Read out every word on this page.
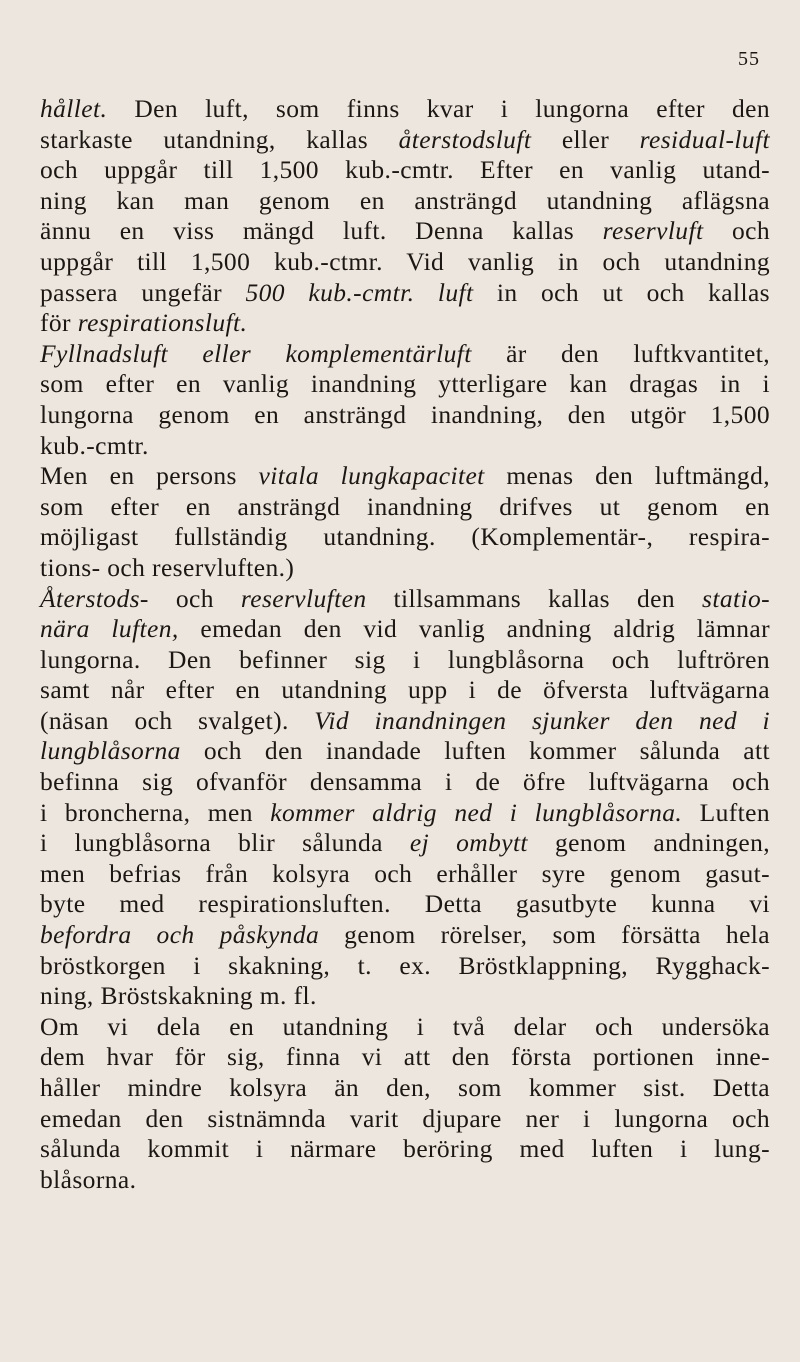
55
hållet. Den luft, som finns kvar i lungorna efter den
starkaste utandning, kallas återstodsluft eller residual-luft
och uppgår till 1,500 kub.-cmtr. Efter en vanlig utand-
ning kan man genom en ansträngd utandning aflägsna
ännu en viss mängd luft. Denna kallas reservluft och
uppgår till 1,500 kub.-ctmr. Vid vanlig in och utandning
passera ungefär 500 kub.-cmtr. luft in och ut och kallas
för respirationsluft.
Fyllnadsluft eller komplementärluft är den luftkvantitet,
som efter en vanlig inandning ytterligare kan dragas in i
lungorna genom en ansträngd inandning, den utgör 1,500
kub.-cmtr.
Men en persons vitala lungkapacitet menas den luftmängd,
som efter en ansträngd inandning drifves ut genom en
möjligast fullständig utandning. (Komplementär-, respira-
tions- och reservluften.)
Återstods- och reservluften tillsammans kallas den statio-
nära luften, emedan den vid vanlig andning aldrig lämnar
lungorna. Den befinner sig i lungblåsorna och luftrören
samt når efter en utandning upp i de öfversta luftvägarna
(näsan och svalget). Vid inandningen sjunker den ned i
lungblåsorna och den inandade luften kommer sålunda att
befinna sig ofvanför densamma i de öfre luftvägarna och
i broncherna, men kommer aldrig ned i lungblåsorna. Luften
i lungblåsorna blir sålunda ej ombytt genom andningen,
men befrias från kolsyra och erhåller syre genom gasut-
byte med respirationsluften. Detta gasutbyte kunna vi
befordra och påskynda genom rörelser, som försätta hela
bröstkorgen i skakning, t. ex. Bröstklappning, Rygghack-
ning, Bröstskakning m. fl.
Om vi dela en utandning i två delar och undersöka
dem hvar för sig, finna vi att den första portionen inne-
håller mindre kolsyra än den, som kommer sist. Detta
emedan den sistnämnda varit djupare ner i lungorna och
sålunda kommit i närmare beröring med luften i lung-
blåsorna.
